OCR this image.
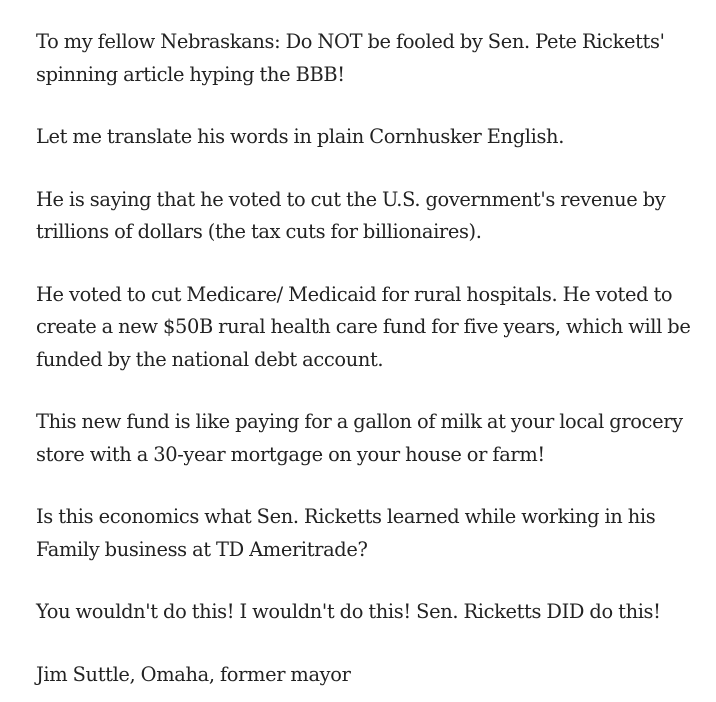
To my fellow Nebraskans: Do NOT be fooled by Sen. Pete Ricketts'
spinning article hyping the BBB!

Let me translate his words in plain Cornhusker English.

He is saying that he voted to cut the U.S. government's revenue by
trillions of dollars (the tax cuts for billionaires).

He voted to cut Medicare/ Medicaid for rural hospitals. He voted to
create a new $50B rural health care fund for five years, which will be
funded by the national debt account.

This new fund is like paying for a gallon of milk at your local grocery
store with a 30-year mortgage on your house or farm!

Is this economics what Sen. Ricketts learned while working in his
Family business at TD Ameritrade?

You wouldn't do this! I wouldn't do this! Sen. Ricketts DID do this!

Jim Suttle, Omaha, former mayor
